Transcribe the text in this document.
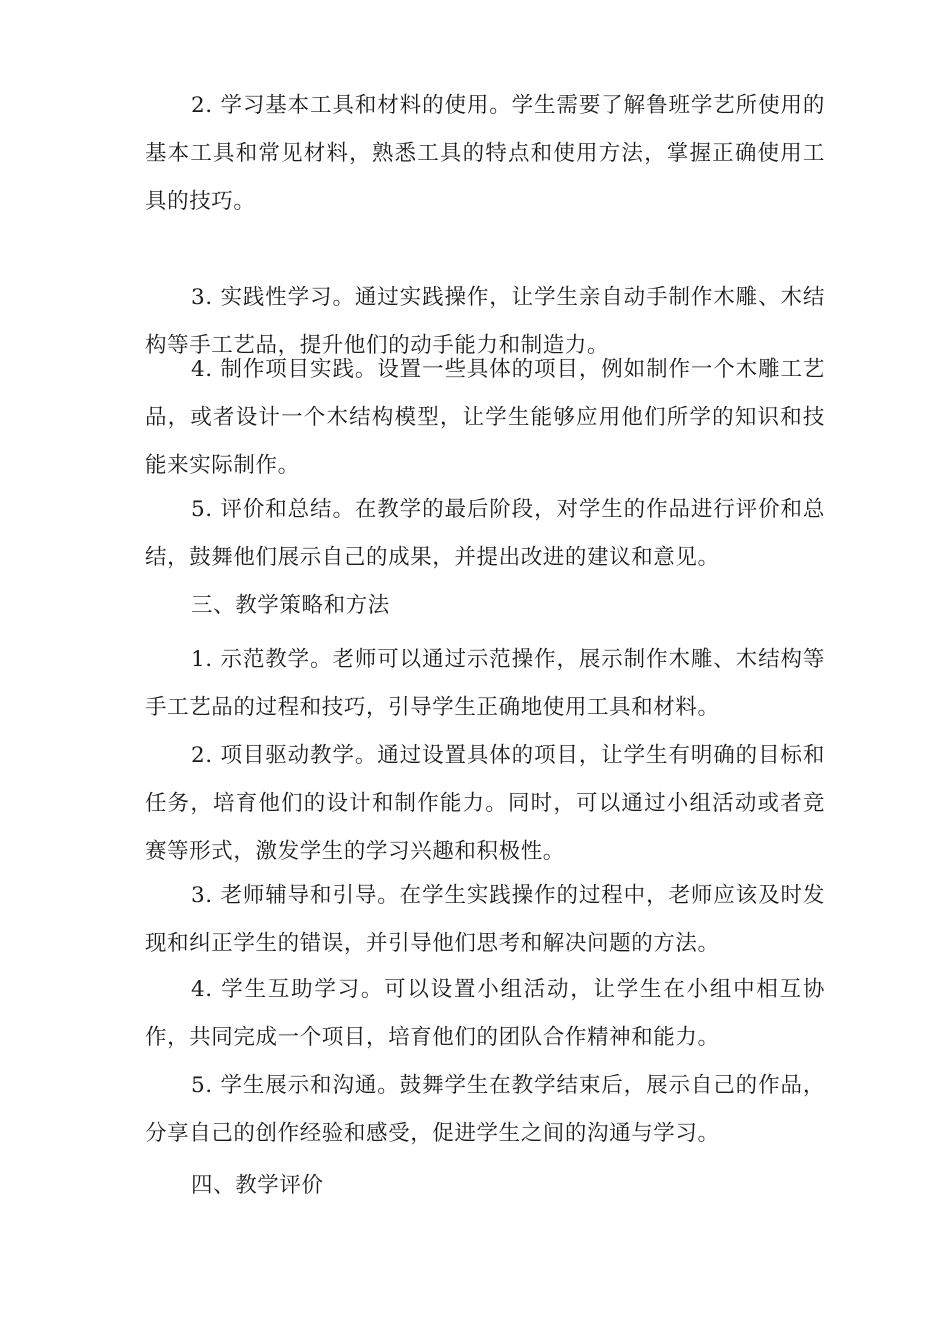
2. 学习基本工具和材料的使用。学生需要了解鲁班学艺所使用的基本工具和常见材料，熟悉工具的特点和使用方法，掌握正确使用工具的技巧。

3. 实践性学习。通过实践操作，让学生亲自动手制作木雕、木结构等手工艺品，提升他们的动手能力和制造力。

4. 制作项目实践。设置一些具体的项目，例如制作一个木雕工艺品，或者设计一个木结构模型，让学生能够应用他们所学的知识和技能来实际制作。

5. 评价和总结。在教学的最后阶段，对学生的作品进行评价和总结，鼓舞他们展示自己的成果，并提出改进的建议和意见。

三、教学策略和方法

1. 示范教学。老师可以通过示范操作，展示制作木雕、木结构等手工艺品的过程和技巧，引导学生正确地使用工具和材料。

2. 项目驱动教学。通过设置具体的项目，让学生有明确的目标和任务，培育他们的设计和制作能力。同时，可以通过小组活动或者竞赛等形式，激发学生的学习兴趣和积极性。

3. 老师辅导和引导。在学生实践操作的过程中，老师应该及时发现和纠正学生的错误，并引导他们思考和解决问题的方法。

4. 学生互助学习。可以设置小组活动，让学生在小组中相互协作，共同完成一个项目，培育他们的团队合作精神和能力。

5. 学生展示和沟通。鼓舞学生在教学结束后，展示自己的作品，分享自己的创作经验和感受，促进学生之间的沟通与学习。

四、教学评价
